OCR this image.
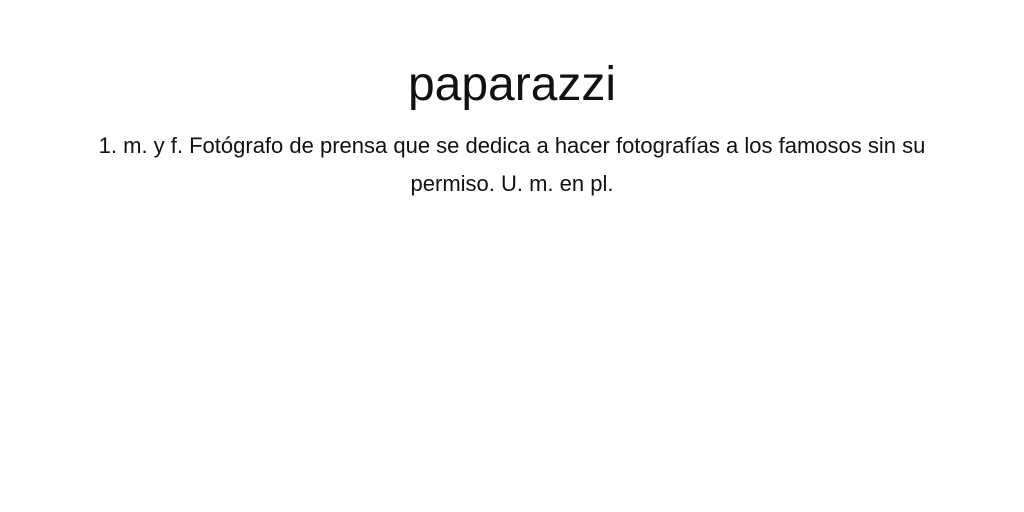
paparazzi

1. m. y f. Fotógrafo de prensa que se dedica a hacer fotografías a los famosos sin su permiso. U. m. en pl.
